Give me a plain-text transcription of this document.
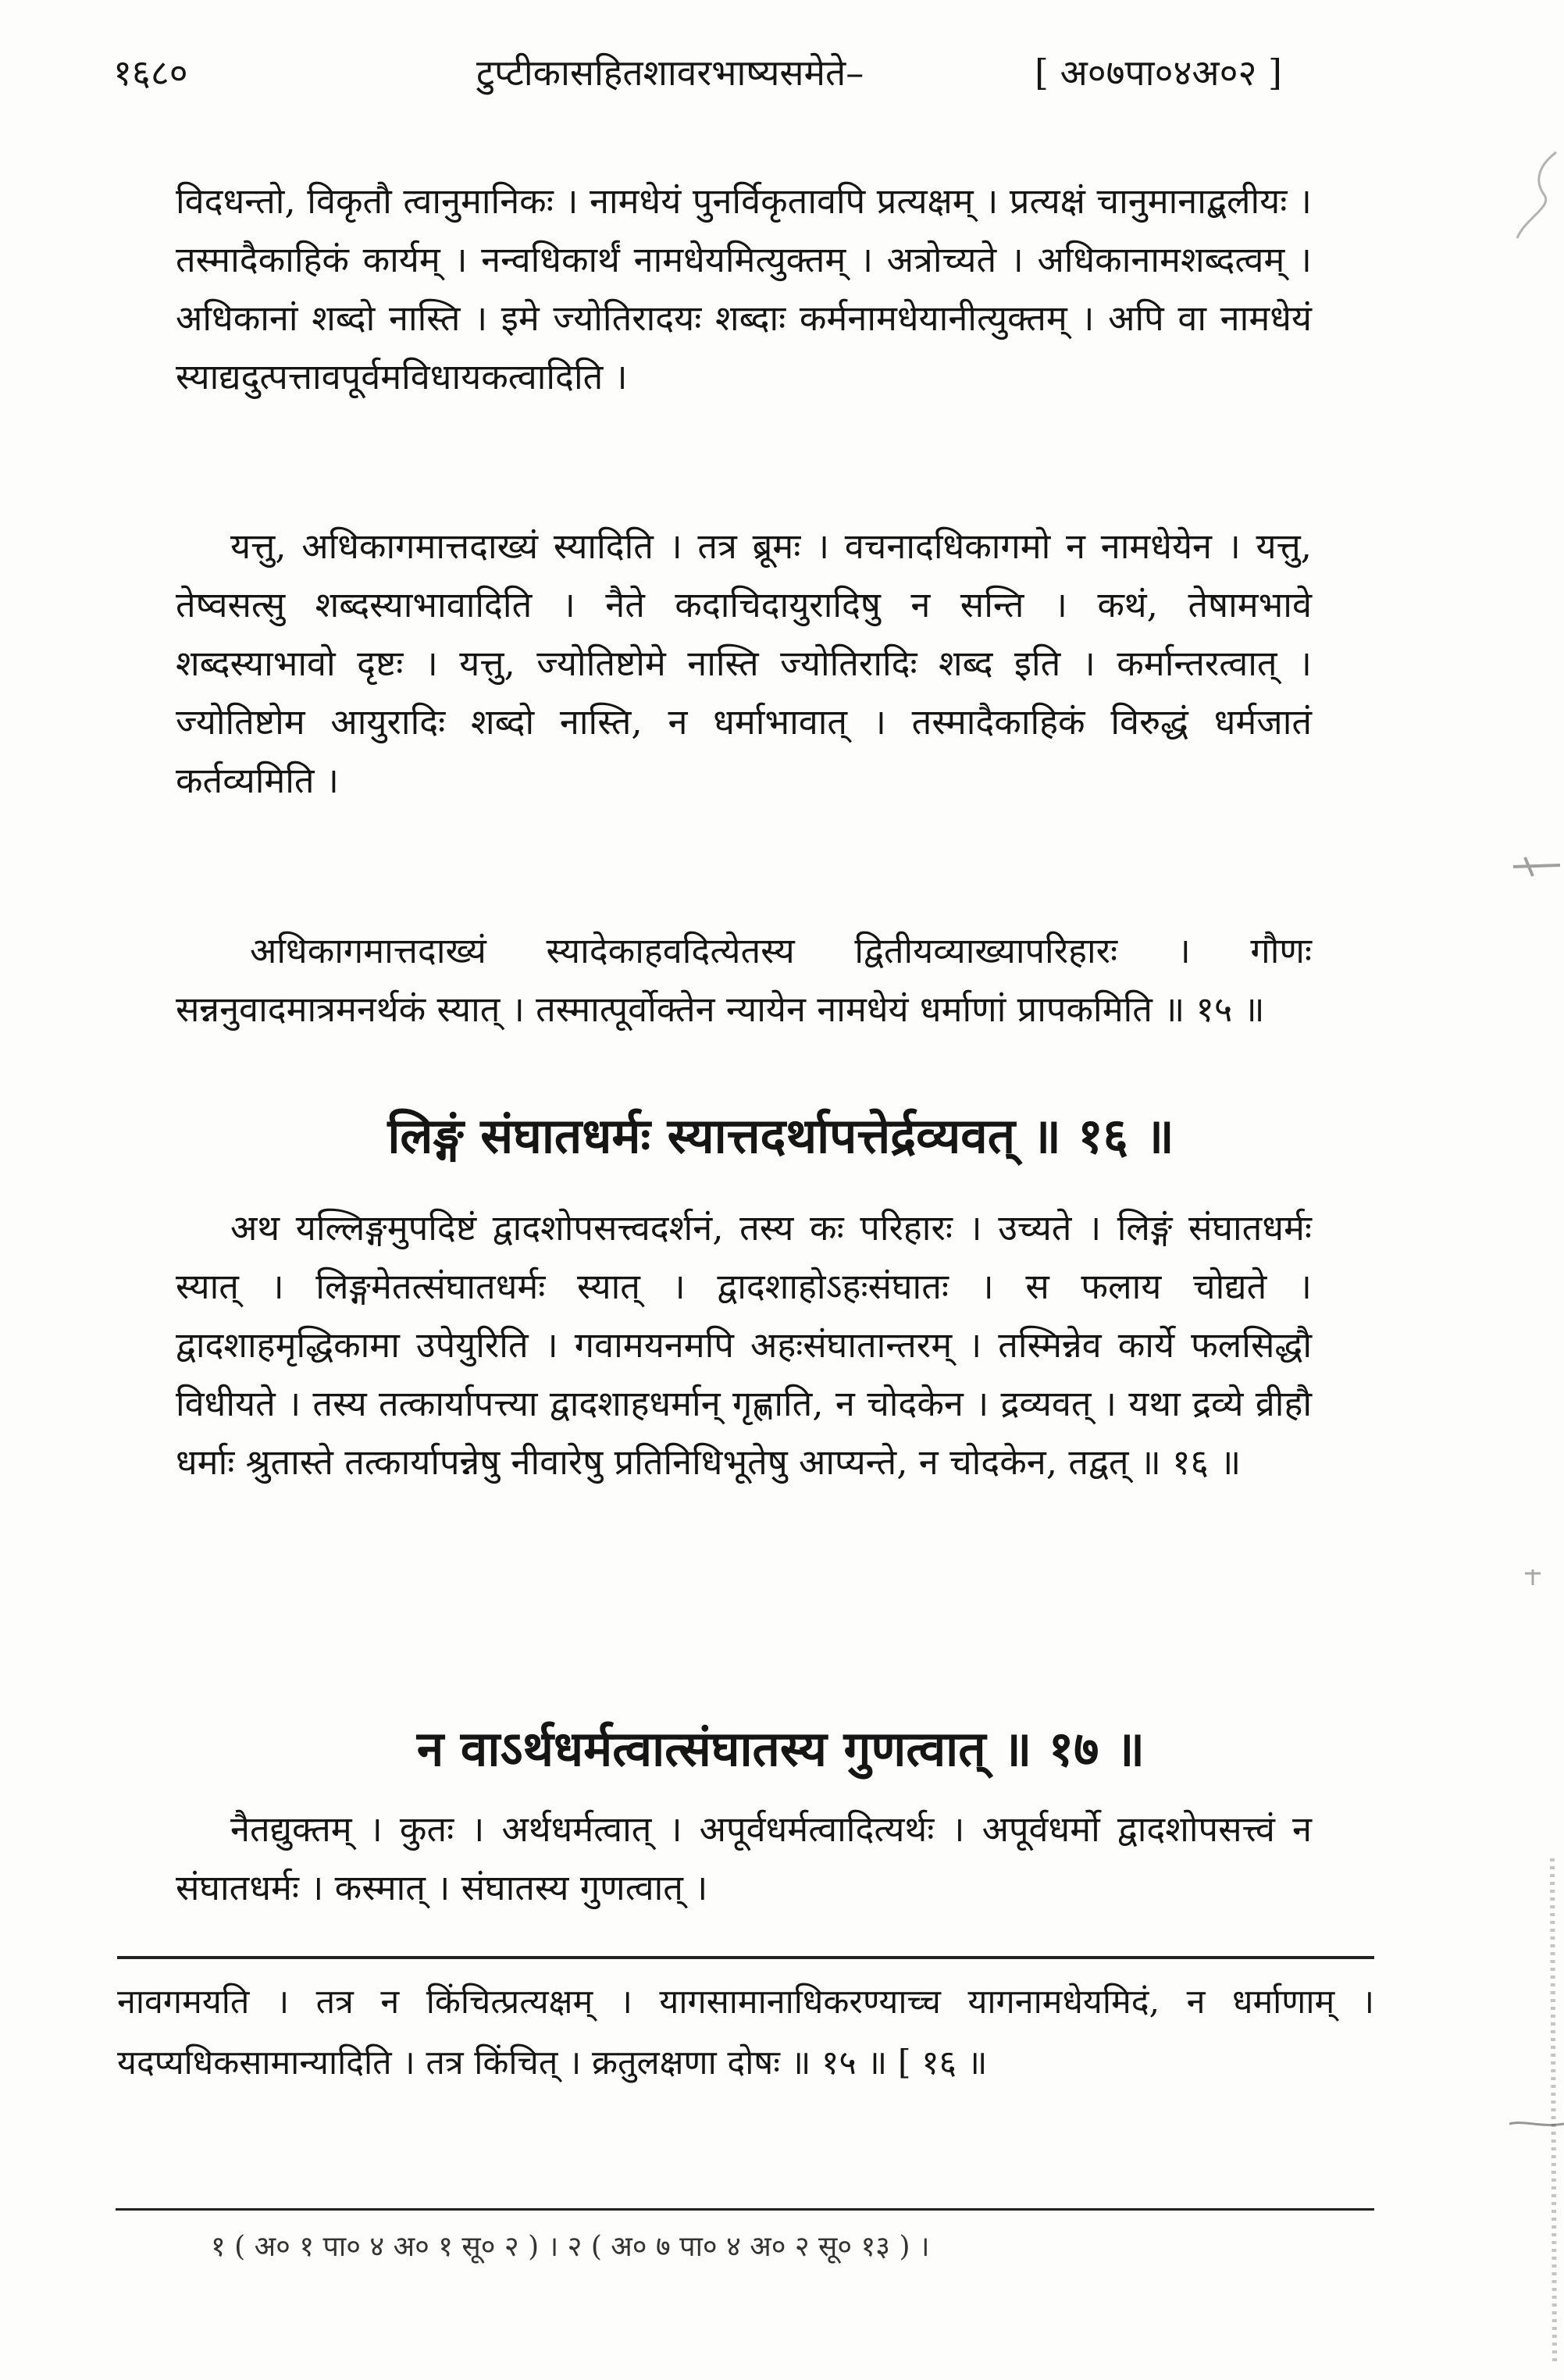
१६८०	टुप्टीकासहितशावरभाष्यसमेते–	[ अ०७पा०४अ०२ ]
विदधन्तो, विकृतौ त्वानुमानिकः । नामधेयं पुनर्विकृतावपि प्रत्यक्षम् । प्रत्यक्षं चानुमानाद्बलीयः । तस्मादैकाहिकं कार्यम् । नन्वधिकार्थं नामधेयमित्युक्तम् । अत्रोच्यते । अधिकानामशब्दत्वम् । अधिकानां शब्दो नास्ति । इमे ज्योतिरादयः शब्दाः कर्मनामधेयानीत्युक्तम् । अपि वा नामधेयं स्याद्यदुत्पत्तावपूर्वमविधायकत्वादिति ।
यत्तु, अधिकागमात्तदाख्यं स्यादिति । तत्र ब्रूमः । वचनादधिकागमो न नामधेयेन । यत्तु, तेष्वसत्सु शब्दस्याभावादिति । नैते कदाचिदायुरादिषु न सन्ति । कथं, तेषामभावे शब्दस्याभावो दृष्टः । यत्तु, ज्योतिष्टोमे नास्ति ज्योतिरादिः शब्द इति । कर्मान्तरत्वात् । ज्योतिष्टोम आयुरादिः शब्दो नास्ति, न धर्माभावात् । तस्मादैकाहिकं विरुद्धं धर्मजातं कर्तव्यमिति ।
अधिकागमात्तदाख्यं स्यादेकाहवदित्येतस्य द्वितीयव्याख्यापरिहारः । गौणः सन्ननुवादमात्रमनर्थकं स्यात् । तस्मात्पूर्वोक्तेन न्यायेन नामधेयं धर्माणां प्रापकमिति ॥ १५ ॥
लिङ्गं संघातधर्मः स्यात्तदर्थापत्तेर्द्रव्यवत् ॥ १६ ॥
अथ यल्लिङ्गमुपदिष्टं द्वादशोपसत्त्वदर्शनं, तस्य कः परिहारः । उच्यते । लिङ्गं संघातधर्मः स्यात् । लिङ्गमेतत्संघातधर्मः स्यात् । द्वादशाहोऽहःसंघातः । स फलाय चोद्यते । द्वादशाहमृद्धिकामा उपेयुरिति । गवामयनमपि अहःसंघातान्तरम् । तस्मिन्नेव कार्ये फलसिद्धौ विधीयते । तस्य तत्कार्यापत्त्या द्वादशाहधर्मान् गृह्णाति, न चोदकेन । द्रव्यवत् । यथा द्रव्ये व्रीहौ धर्माः श्रुतास्ते तत्कार्यापन्नेषु नीवारेषु प्रतिनिधिभूतेषु आप्यन्ते, न चोदकेन, तद्वत् ॥ १६ ॥
न वाऽर्थधर्मत्वात्संघातस्य गुणत्वात् ॥ १७ ॥
नैतद्युक्तम् । कुतः । अर्थधर्मत्वात् । अपूर्वधर्मत्वादित्यर्थः । अपूर्वधर्मो द्वादशोपसत्त्वं न संघातधर्मः । कस्मात् । संघातस्य गुणत्वात् ।
नावगमयति । तत्र न किंचित्प्रत्यक्षम् । यागसामानाधिकरण्याच्च यागनामधेयमिदं, न धर्माणाम् । यदप्यधिकसामान्यादिति । तत्र किंचित् । क्रतुलक्षणा दोषः ॥ १५ ॥ [ १६ ॥
१ ( अ० १ पा० ४ अ० १ सू० २ ) । २ ( अ० ७ पा० ४ अ० २ सू० १३ ) ।
